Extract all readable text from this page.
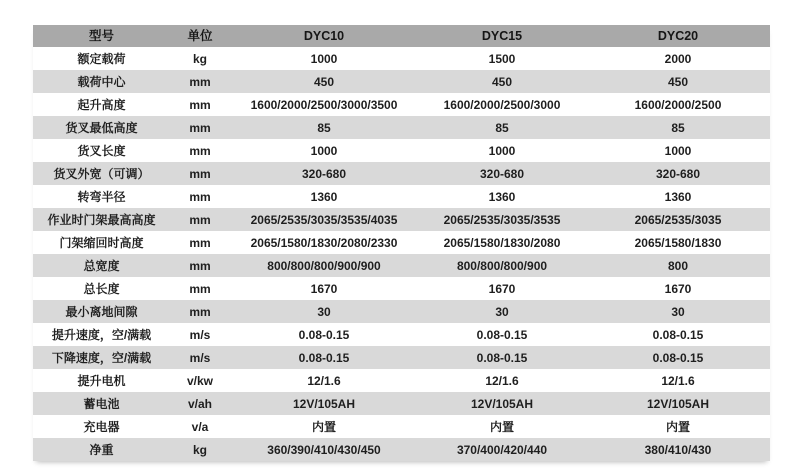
型号	单位	DYC10	DYC15	DYC20
额定载荷	kg	1000	1500	2000
载荷中心	mm	450	450	450
起升高度	mm	1600/2000/2500/3000/3500	1600/2000/2500/3000	1600/2000/2500
货叉最低高度	mm	85	85	85
货叉长度	mm	1000	1000	1000
货叉外宽（可调）	mm	320-680	320-680	320-680
转弯半径	mm	1360	1360	1360
作业时门架最高高度	mm	2065/2535/3035/3535/4035	2065/2535/3035/3535	2065/2535/3035
门架缩回时高度	mm	2065/1580/1830/2080/2330	2065/1580/1830/2080	2065/1580/1830
总宽度	mm	800/800/800/900/900	800/800/800/900	800
总长度	mm	1670	1670	1670
最小离地间隙	mm	30	30	30
提升速度，空/满载	m/s	0.08-0.15	0.08-0.15	0.08-0.15
下降速度，空/满载	m/s	0.08-0.15	0.08-0.15	0.08-0.15
提升电机	v/kw	12/1.6	12/1.6	12/1.6
蓄电池	v/ah	12V/105AH	12V/105AH	12V/105AH
充电器	v/a	内置	内置	内置
净重	kg	360/390/410/430/450	370/400/420/440	380/410/430
